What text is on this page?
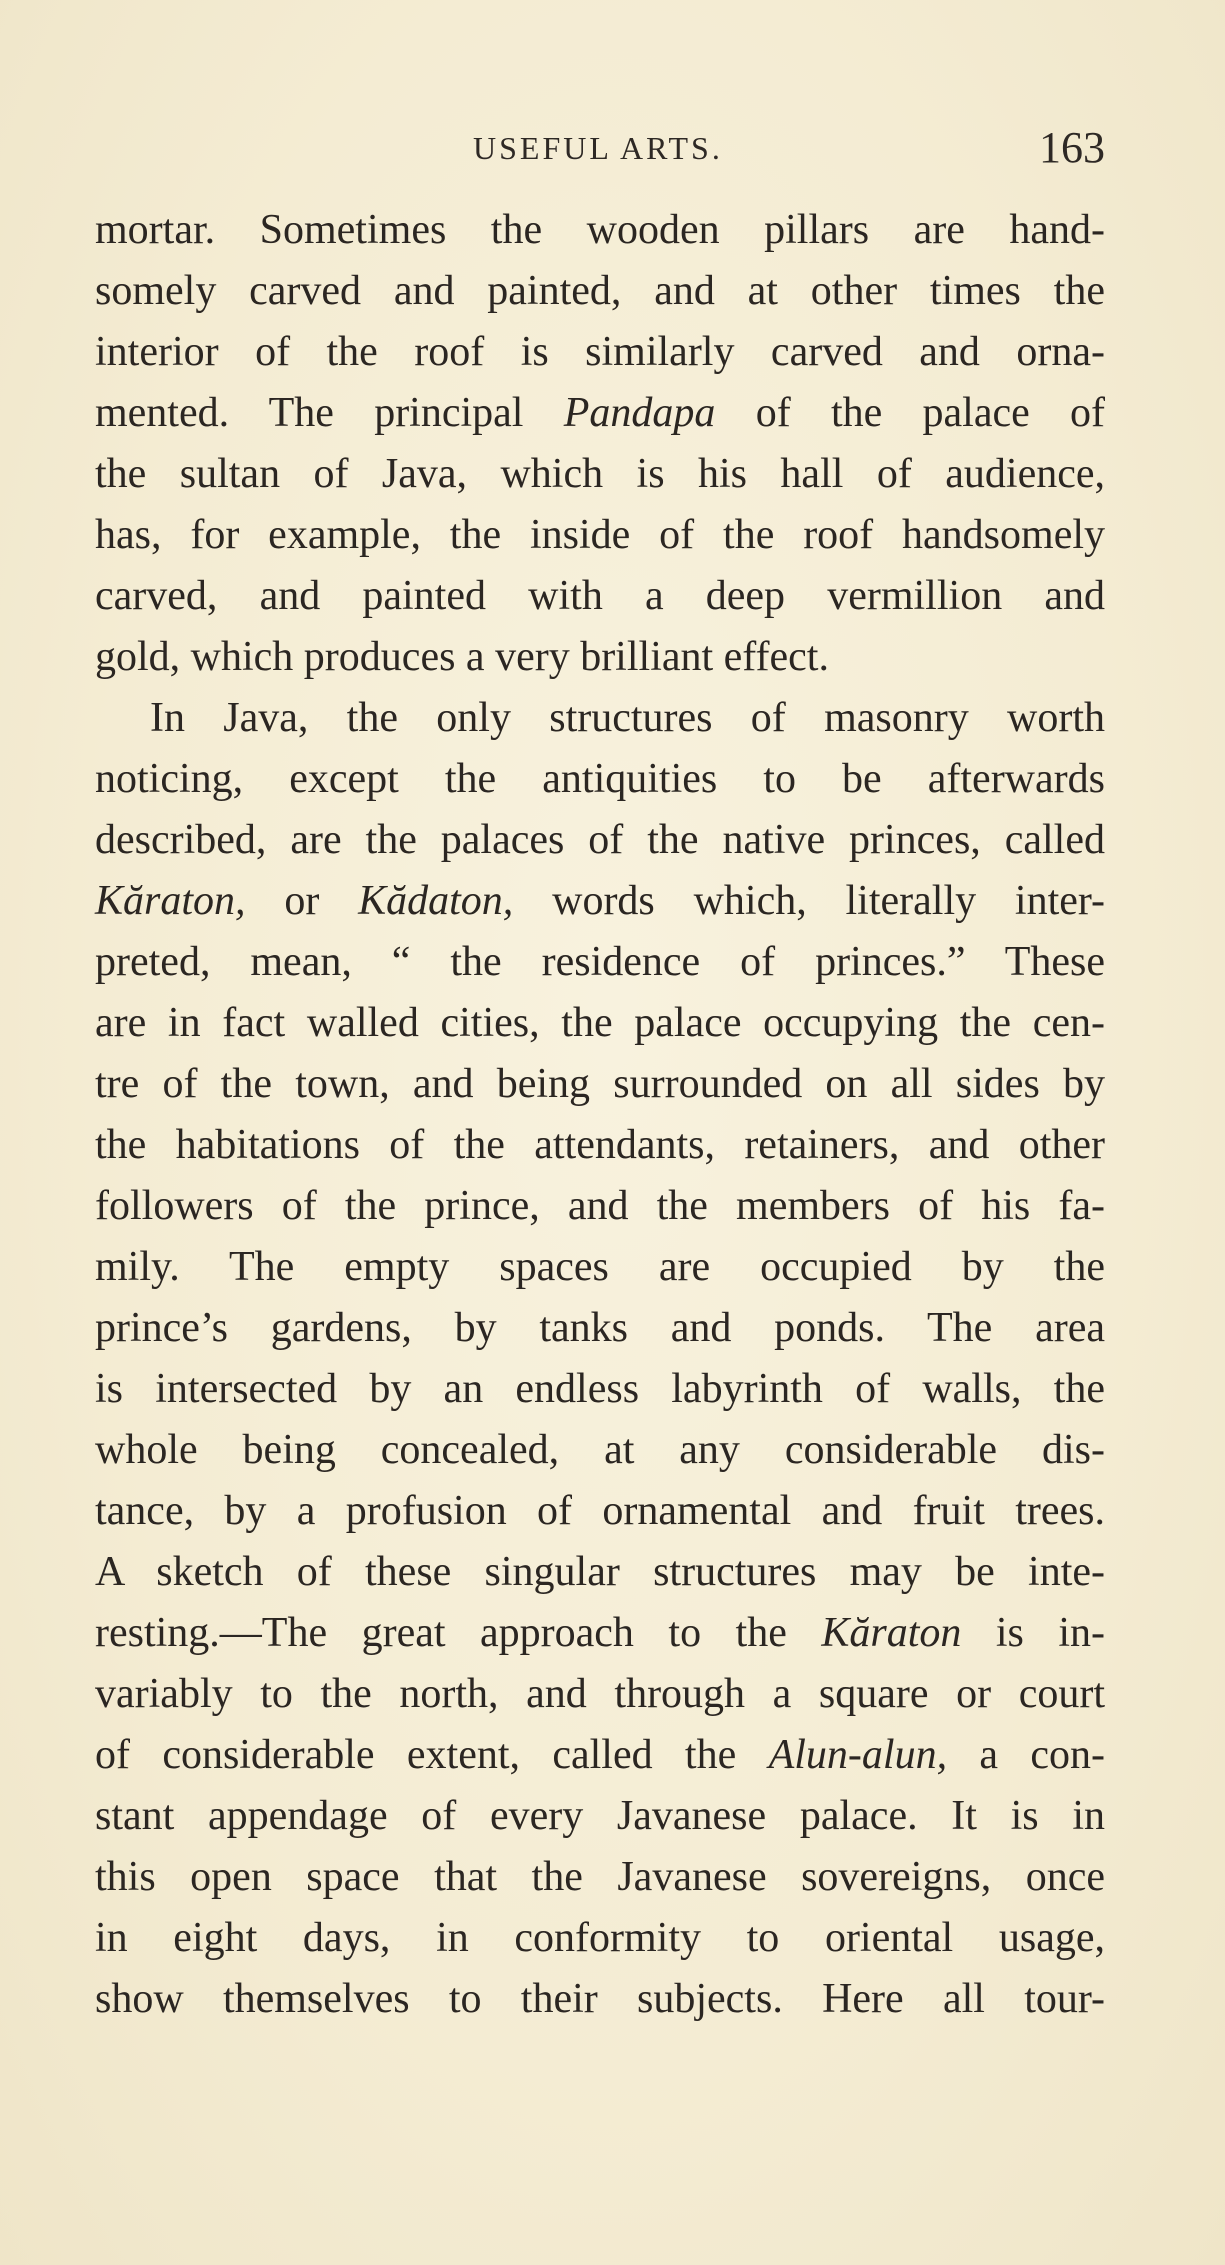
USEFUL ARTS.	163
mortar. Sometimes the wooden pillars are hand-
somely carved and painted, and at other times the
interior of the roof is similarly carved and orna-
mented. The principal Pandapa of the palace of
the sultan of Java, which is his hall of audience,
has, for example, the inside of the roof handsomely
carved, and painted with a deep vermillion and
gold, which produces a very brilliant effect.
In Java, the only structures of masonry worth
noticing, except the antiquities to be afterwards
described, are the palaces of the native princes, called
Kăraton, or Kădaton, words which, literally inter-
preted, mean, “ the residence of princes.” These
are in fact walled cities, the palace occupying the cen-
tre of the town, and being surrounded on all sides by
the habitations of the attendants, retainers, and other
followers of the prince, and the members of his fa-
mily. The empty spaces are occupied by the
prince’s gardens, by tanks and ponds. The area
is intersected by an endless labyrinth of walls, the
whole being concealed, at any considerable dis-
tance, by a profusion of ornamental and fruit trees.
A sketch of these singular structures may be inte-
resting.—The great approach to the Kăraton is in-
variably to the north, and through a square or court
of considerable extent, called the Alun-alun, a con-
stant appendage of every Javanese palace. It is in
this open space that the Javanese sovereigns, once
in eight days, in conformity to oriental usage,
show themselves to their subjects. Here all tour-
